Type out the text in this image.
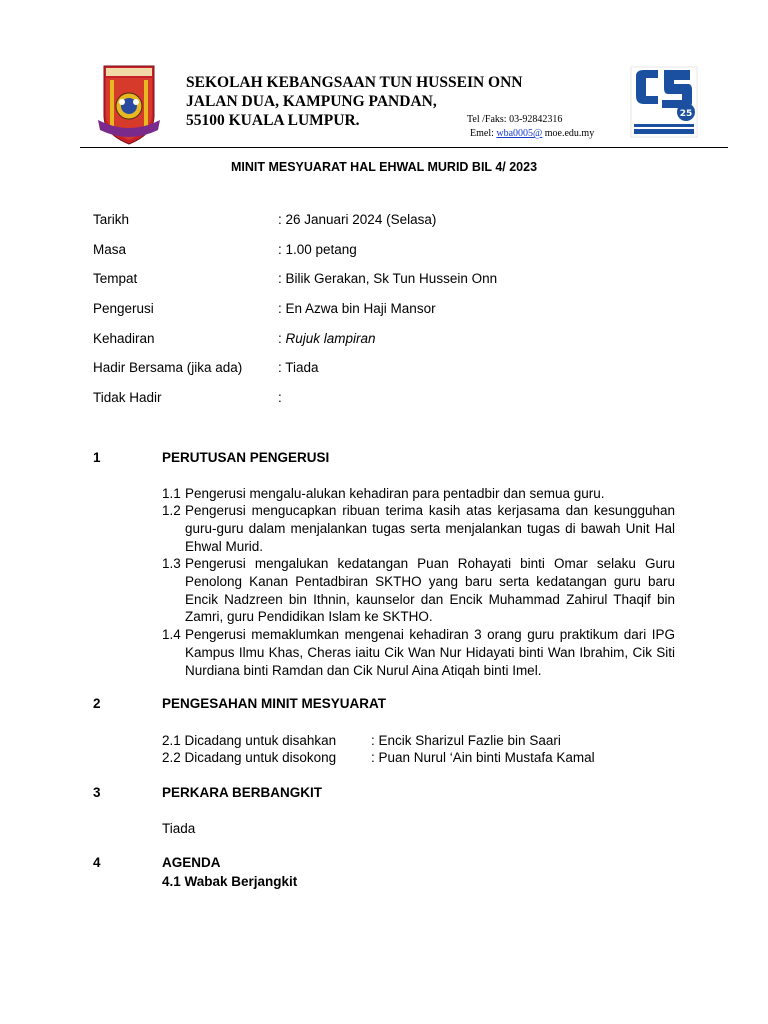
SEKOLAH KEBANGSAAN TUN HUSSEIN ONN
JALAN DUA, KAMPUNG PANDAN,
55100 KUALA LUMPUR.	Tel /Faks: 03-92842316
Emel: wba0005@ moe.edu.my
25
MINIT MESYUARAT HAL EHWAL MURID BIL 4/ 2023
Tarikh	: 26 Januari 2024 (Selasa)
Masa	: 1.00 petang
Tempat	: Bilik Gerakan, Sk Tun Hussein Onn
Pengerusi	: En Azwa bin Haji Mansor
Kehadiran	: Rujuk lampiran
Hadir Bersama (jika ada)	: Tiada
Tidak Hadir	:
1	PERUTUSAN PENGERUSI
1.1 Pengerusi mengalu-alukan kehadiran para pentadbir dan semua guru.
1.2 Pengerusi mengucapkan ribuan terima kasih atas kerjasama dan kesungguhan guru-guru dalam menjalankan tugas serta menjalankan tugas di bawah Unit Hal Ehwal Murid.
1.3 Pengerusi mengalukan kedatangan Puan Rohayati binti Omar selaku Guru Penolong Kanan Pentadbiran SKTHO yang baru serta kedatangan guru baru Encik Nadzreen bin Ithnin, kaunselor dan Encik Muhammad Zahirul Thaqif bin Zamri, guru Pendidikan Islam ke SKTHO.
1.4 Pengerusi memaklumkan mengenai kehadiran 3 orang guru praktikum dari IPG Kampus Ilmu Khas, Cheras iaitu Cik Wan Nur Hidayati binti Wan Ibrahim, Cik Siti Nurdiana binti Ramdan dan Cik Nurul Aina Atiqah binti Imel.
2	PENGESAHAN MINIT MESYUARAT
2.1 Dicadang untuk disahkan	: Encik Sharizul Fazlie bin Saari
2.2 Dicadang untuk disokong	: Puan Nurul ‘Ain binti Mustafa Kamal
3	PERKARA BERBANGKIT
Tiada
4	AGENDA
4.1 Wabak Berjangkit
